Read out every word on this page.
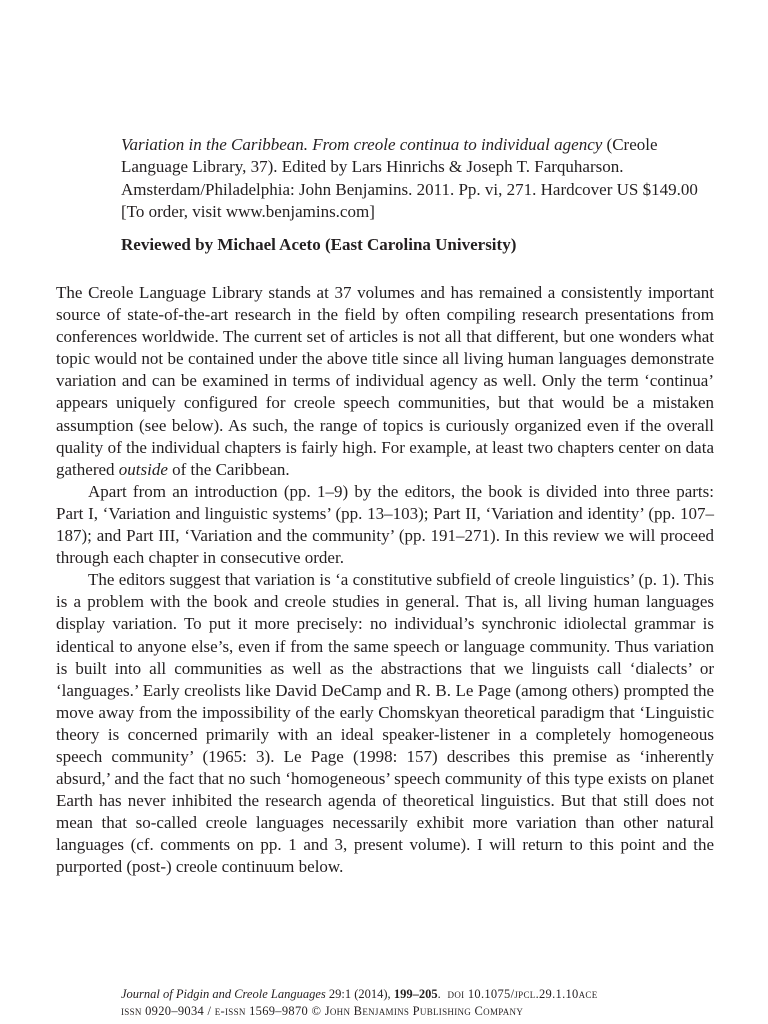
Variation in the Caribbean. From creole continua to individual agency (Creole Language Library, 37). Edited by Lars Hinrichs & Joseph T. Farquharson. Amsterdam/Philadelphia: John Benjamins. 2011. Pp. vi, 271. Hardcover US $149.00 [To order, visit www.benjamins.com]
Reviewed by Michael Aceto (East Carolina University)

The Creole Language Library stands at 37 volumes and has remained a consistently important source of state-of-the-art research in the field by often compiling research presentations from conferences worldwide. The current set of articles is not all that different, but one wonders what topic would not be contained under the above title since all living human languages demonstrate variation and can be examined in terms of individual agency as well. Only the term ‘continua’ appears uniquely configured for creole speech communities, but that would be a mistaken assumption (see below). As such, the range of topics is curiously organized even if the overall quality of the individual chapters is fairly high. For example, at least two chapters center on data gathered outside of the Caribbean.

Apart from an introduction (pp. 1–9) by the editors, the book is divided into three parts: Part I, ‘Variation and linguistic systems’ (pp. 13–103); Part II, ‘Variation and identity’ (pp. 107–187); and Part III, ‘Variation and the community’ (pp. 191–271). In this review we will proceed through each chapter in consecutive order.

The editors suggest that variation is ‘a constitutive subfield of creole linguistics’ (p. 1). This is a problem with the book and creole studies in general. That is, all living human languages display variation. To put it more precisely: no individual’s synchronic idiolectal grammar is identical to anyone else’s, even if from the same speech or language community. Thus variation is built into all communities as well as the abstractions that we linguists call ‘dialects’ or ‘languages.’ Early creolists like David DeCamp and R. B. Le Page (among others) prompted the move away from the impossibility of the early Chomskyan theoretical paradigm that ‘Linguistic theory is concerned primarily with an ideal speaker-listener in a completely homogeneous speech community’ (1965: 3). Le Page (1998: 157) describes this premise as ‘inherently absurd,’ and the fact that no such ‘homogeneous’ speech community of this type exists on planet Earth has never inhibited the research agenda of theoretical linguistics. But that still does not mean that so-called creole languages necessarily exhibit more variation than other natural languages (cf. comments on pp. 1 and 3, present volume). I will return to this point and the purported (post-) creole continuum below.

Journal of Pidgin and Creole Languages 29:1 (2014), 199–205. doi 10.1075/jpcl.29.1.10ace
issn 0920–9034 / e-issn 1569–9870 © John Benjamins Publishing Company
